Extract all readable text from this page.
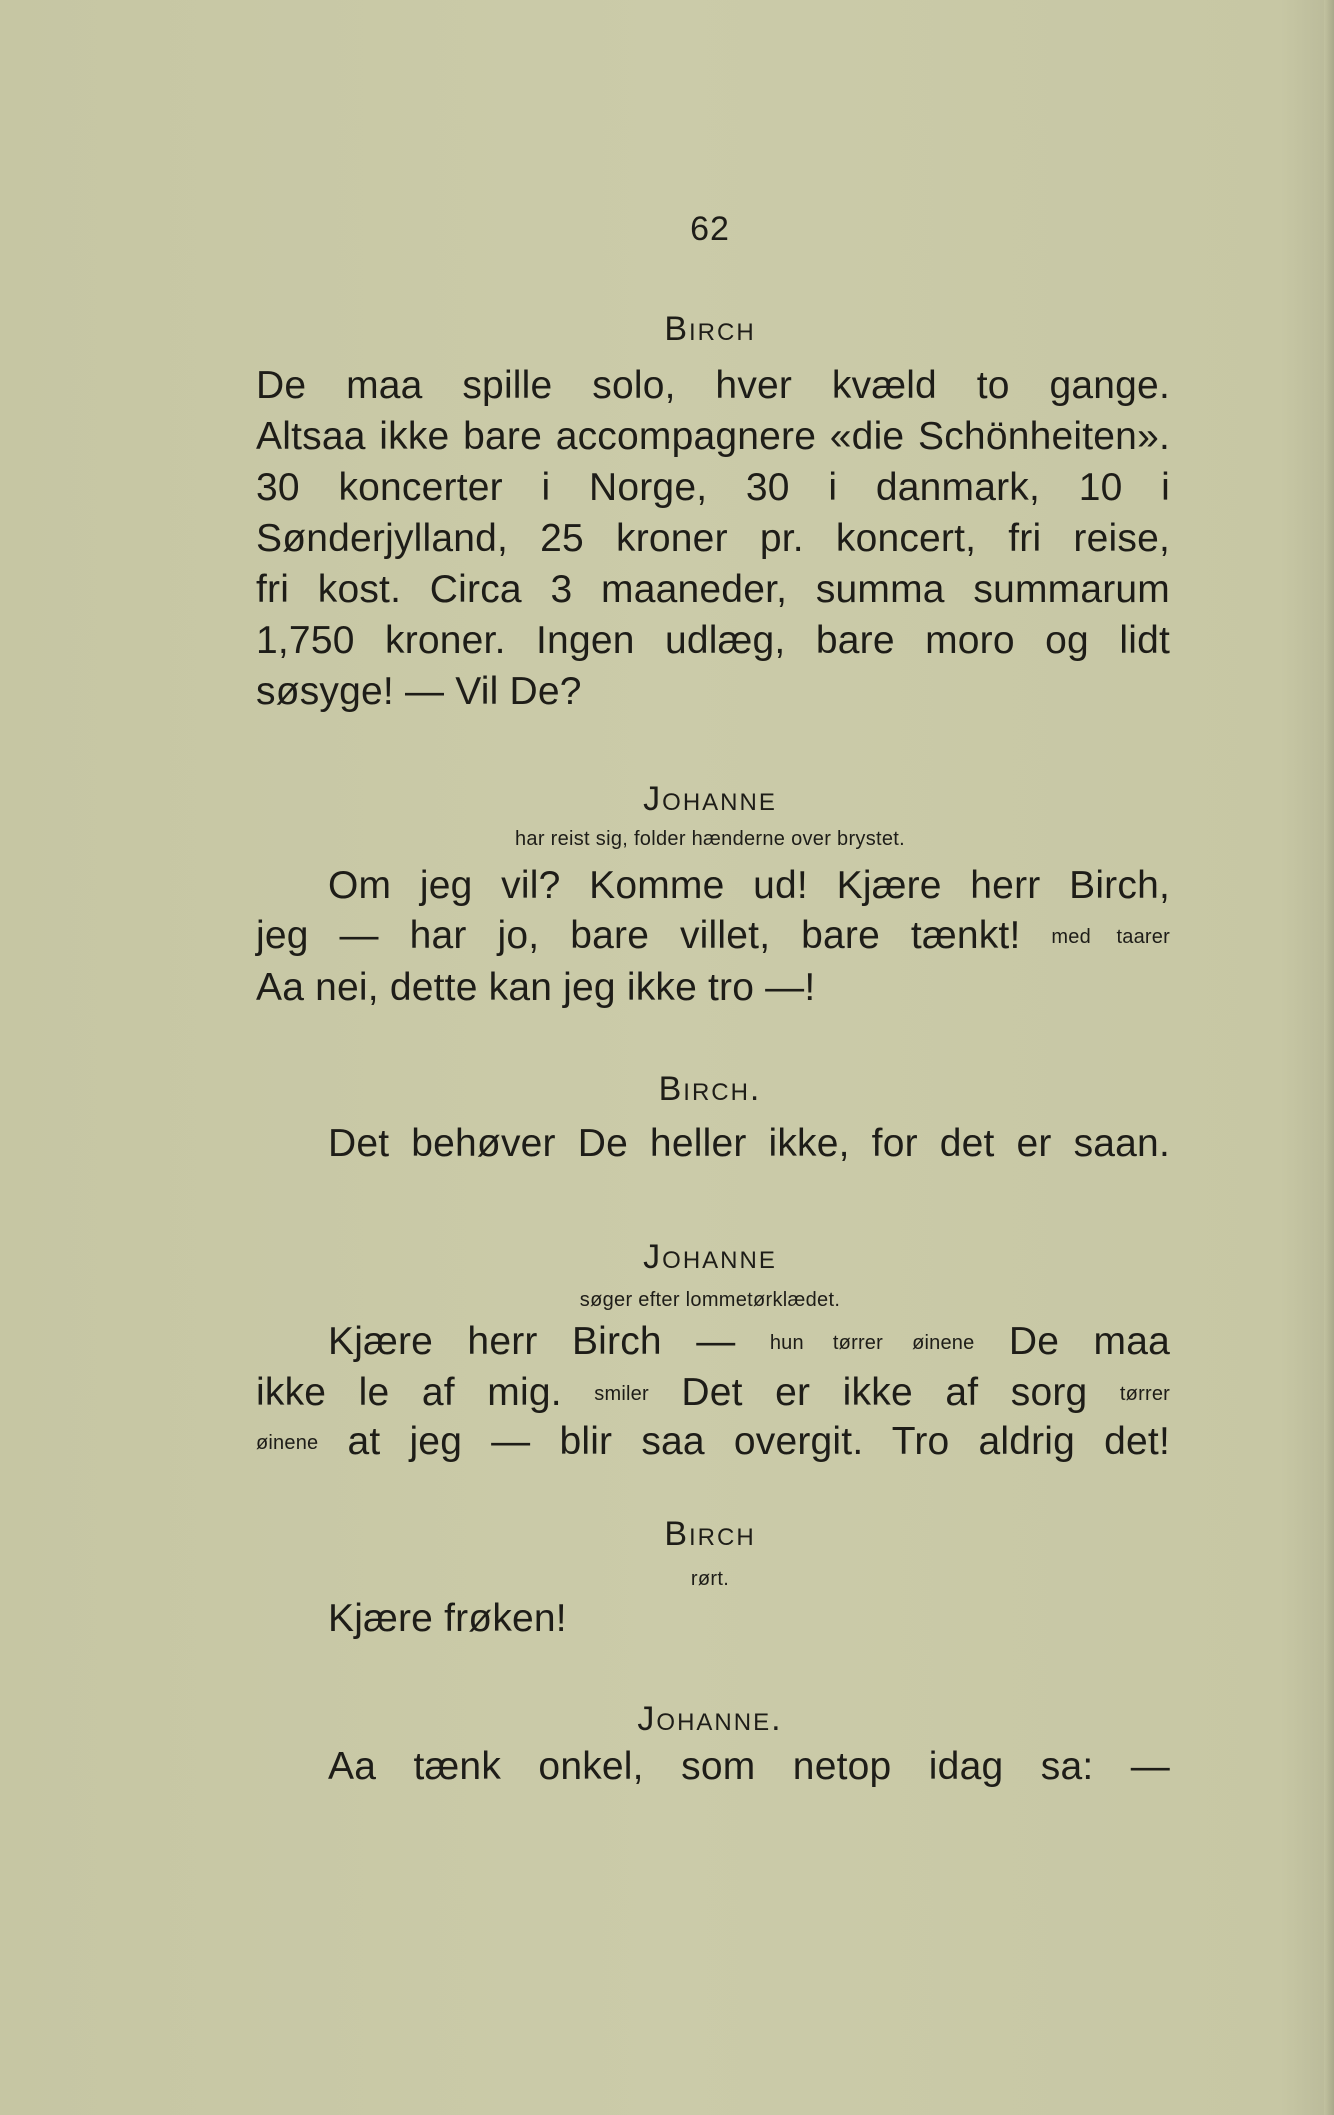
62
Birch
De maa spille solo, hver kvæld to gange.
Altsaa ikke bare accompagnere «die Schönheiten».
30 koncerter i Norge, 30 i danmark, 10 i
Sønderjylland, 25 kroner pr. koncert, fri reise,
fri kost. Circa 3 maaneder, summa summarum
1,750 kroner. Ingen udlæg, bare moro og lidt
søsyge! — Vil De?
Johanne
har reist sig, folder hænderne over brystet.
Om jeg vil? Komme ud! Kjære herr Birch,
jeg — har jo, bare villet, bare tænkt! med taarer
Aa nei, dette kan jeg ikke tro —!
Birch.
Det behøver De heller ikke, for det er saan.
Johanne
søger efter lommetørklædet.
Kjære herr Birch — hun tørrer øinene De maa
ikke le af mig. smiler Det er ikke af sorg tørrer
øinene at jeg — blir saa overgit. Tro aldrig det!
Birch
rørt.
Kjære frøken!
Johanne.
Aa tænk onkel, som netop idag sa: —
